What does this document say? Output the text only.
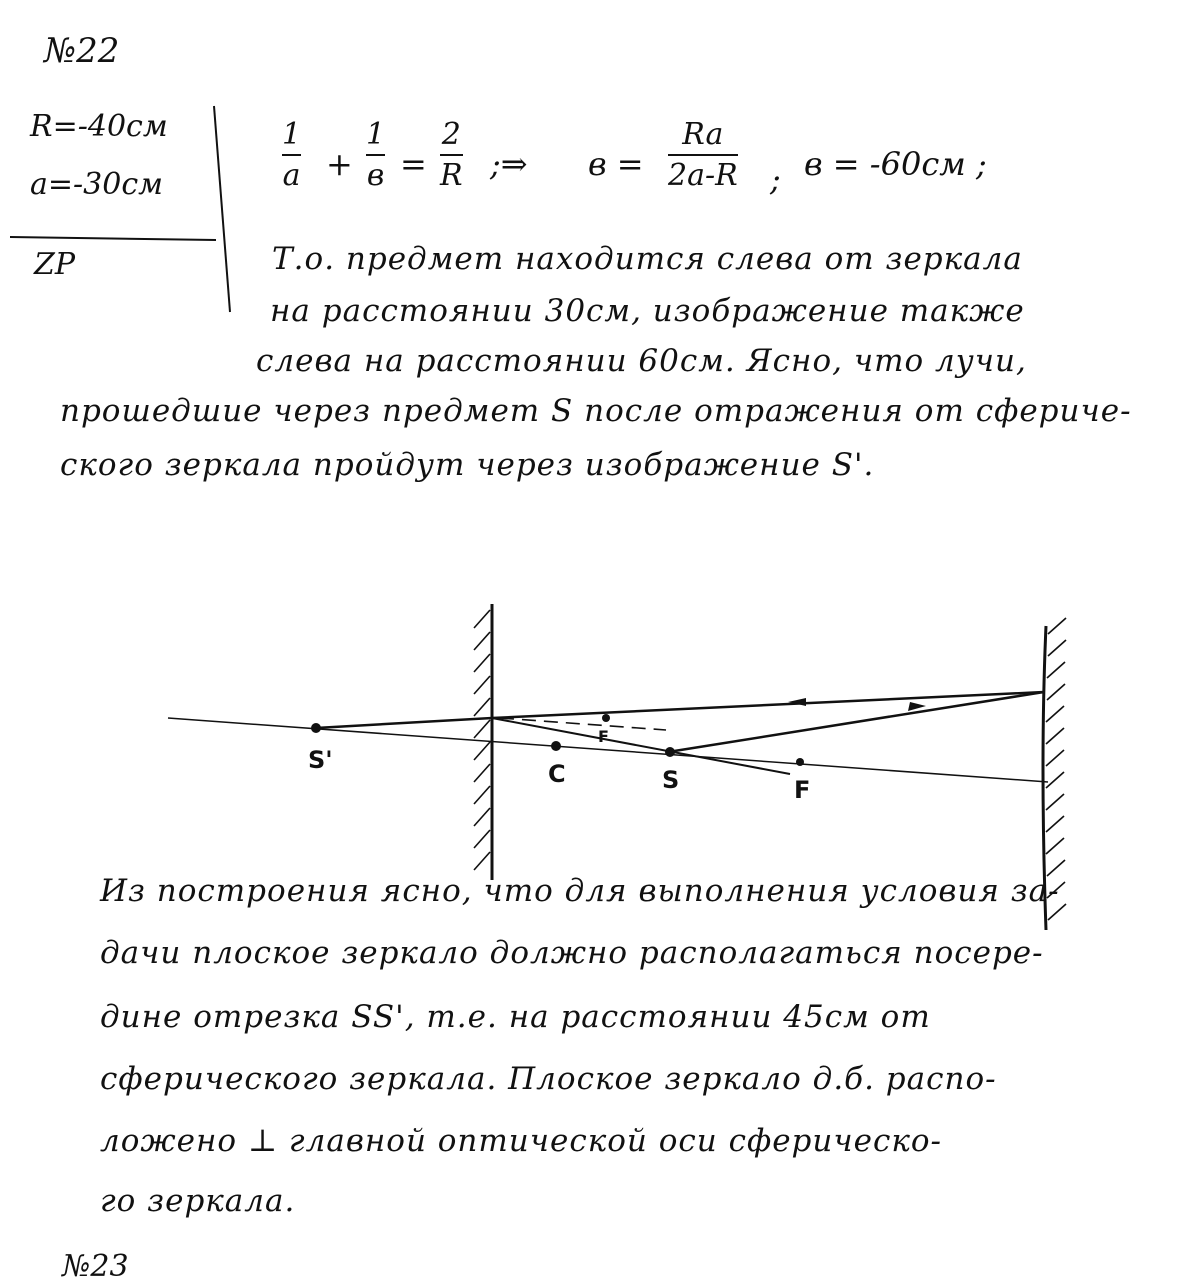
№22
R=-40см
a=-30см
ZP
1
a +
1
в =
2
R ;⇒ в =
Ra
2a-R ; в = -60см ;
Т.о. предмет находится слева от зеркала
на расстоянии 30см, изображение также
слева на расстоянии 60см. Ясно, что лучи,
прошедшие через предмет S после отражения от сфериче-
ского зеркала пройдут через изображение S'.
S'	C	S	F
F
Из построения ясно, что для выполнения условия за-
дачи плоское зеркало должно располагаться посере-
дине отрезка SS', т.е. на расстоянии 45см от
сферического зеркала. Плоское зеркало д.б. распо-
ложено ⊥ главной оптической оси сферическо-
го зеркала.
№23
